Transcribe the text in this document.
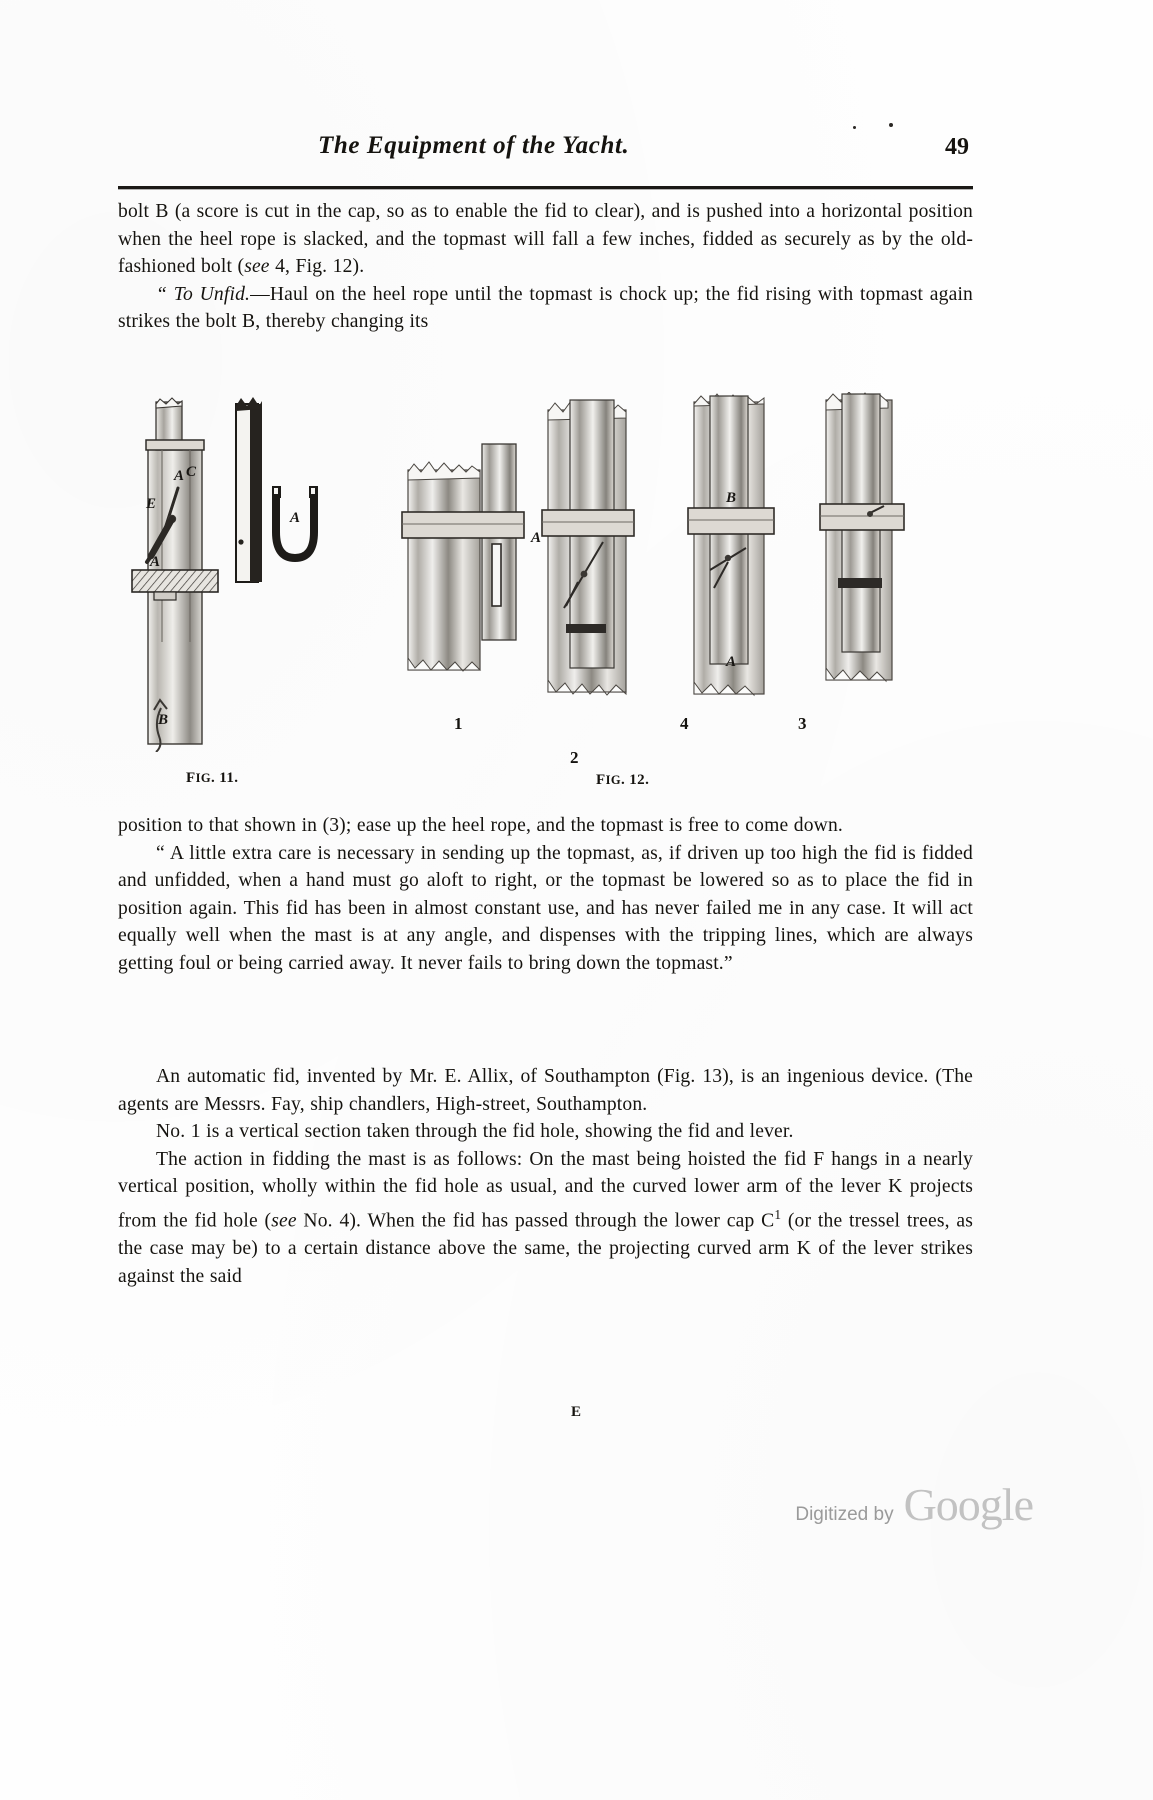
The Equipment of the Yacht.	49

bolt B (a score is cut in the cap, so as to enable the fid to clear), and is pushed into a horizontal position when the heel rope is slacked, and the topmast will fall a few inches, fidded as securely as by the old-fashioned bolt (see 4, Fig. 12).

“ To Unfid.—Haul on the heel rope until the topmast is chock up; the fid rising with topmast again strikes the bolt B, thereby changing its

A C
E
A
B
A
A
B
A
1
2
4	3
FIG. 11.	FIG. 12.

position to that shown in (3); ease up the heel rope, and the topmast is free to come down.

“ A little extra care is necessary in sending up the topmast, as, if driven up too high the fid is fidded and unfidded, when a hand must go aloft to right, or the topmast be lowered so as to place the fid in position again. This fid has been in almost constant use, and has never failed me in any case. It will act equally well when the mast is at any angle, and dispenses with the tripping lines, which are always getting foul or being carried away. It never fails to bring down the topmast.”

An automatic fid, invented by Mr. E. Allix, of Southampton (Fig. 13), is an ingenious device. (The agents are Messrs. Fay, ship chandlers, High-street, Southampton.

No. 1 is a vertical section taken through the fid hole, showing the fid and lever.

The action in fidding the mast is as follows: On the mast being hoisted the fid F hangs in a nearly vertical position, wholly within the fid hole as usual, and the curved lower arm of the lever K projects from the fid hole (see No. 4). When the fid has passed through the lower cap $C^1$ (or the tressel trees, as the case may be) to a certain distance above the same, the projecting curved arm K of the lever strikes against the said

E
Digitized by Google
